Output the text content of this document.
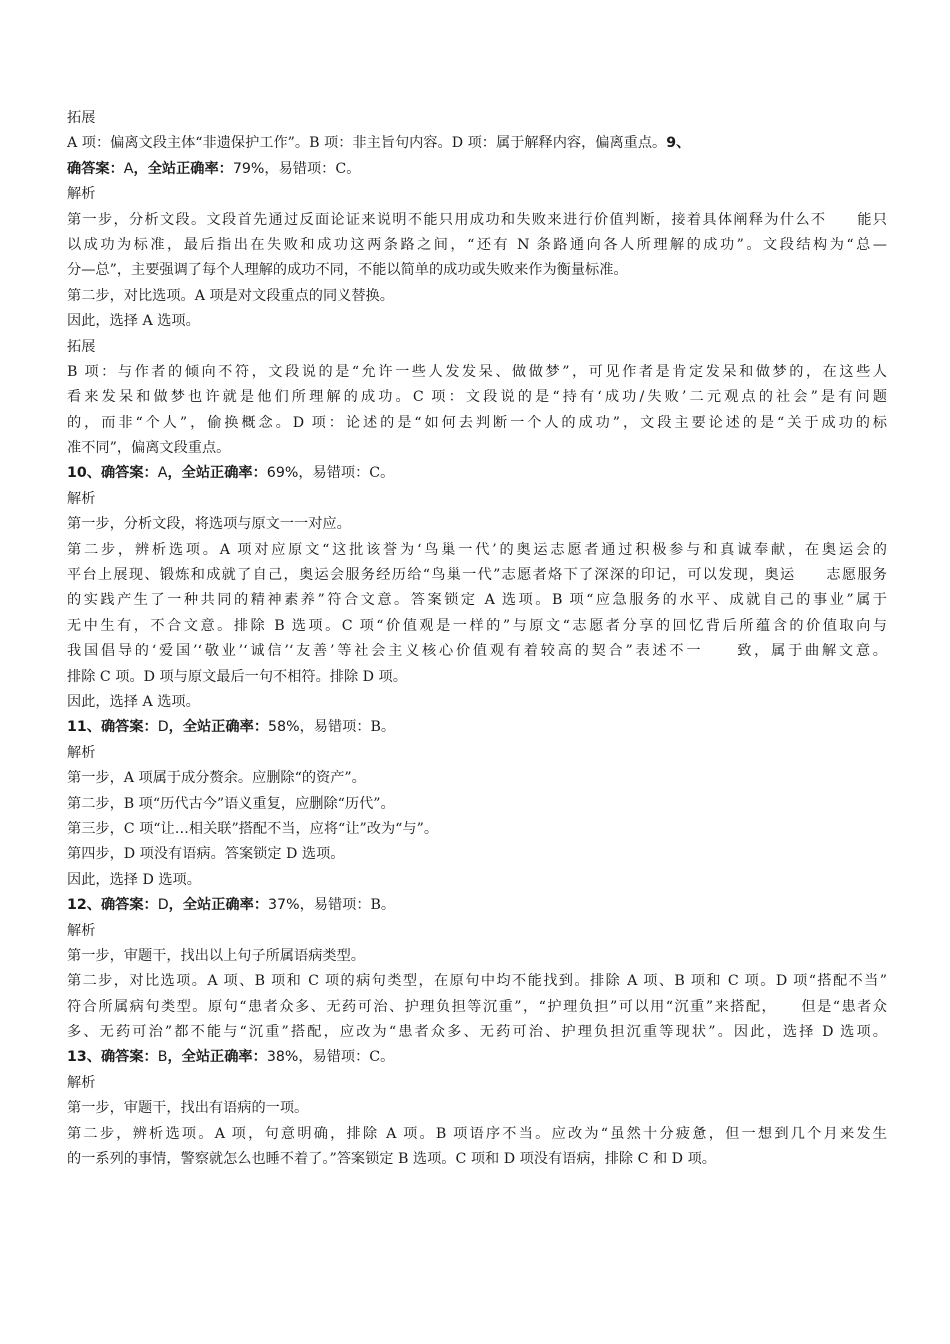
拓展
A 项：偏离文段主体“非遗保护工作”。B 项：非主旨句内容。D 项：属于解释内容，偏离重点。9、
确答案：A，全站正确率：79%，易错项：C。
解析
第一步，分析文段。文段首先通过反面论证来说明不能只用成功和失败来进行价值判断，接着具体阐释为什么不　　能只
以成功为标准，最后指出在失败和成功这两条路之间，“还有 N 条路通向各人所理解的成功”。文段结构为“总—
分—总”，主要强调了每个人理解的成功不同，不能以简单的成功或失败来作为衡量标准。
第二步，对比选项。A 项是对文段重点的同义替换。
因此，选择 A 选项。
拓展
B 项：与作者的倾向不符，文段说的是“允许一些人发发呆、做做梦”，可见作者是肯定发呆和做梦的，在这些人
看来发呆和做梦也许就是他们所理解的成功。C 项：文段说的是“持有‘成功/失败’二元观点的社会”是有问题
的，而非“个人”，偷换概念。D 项：论述的是“如何去判断一个人的成功”，文段主要论述的是“关于成功的标
准不同”，偏离文段重点。
10、确答案：A，全站正确率：69%，易错项：C。
解析
第一步，分析文段，将选项与原文一一对应。
第二步，辨析选项。A 项对应原文“这批该誉为‘鸟巢一代’的奥运志愿者通过积极参与和真诚奉献，在奥运会的
平台上展现、锻炼和成就了自己，奥运会服务经历给“鸟巢一代”志愿者烙下了深深的印记，可以发现，奥运　　志愿服务
的实践产生了一种共同的精神素养”符合文意。答案锁定 A 选项。B 项“应急服务的水平、成就自己的事业”属于
无中生有，不合文意。排除 B 选项。C 项“价值观是一样的”与原文“志愿者分享的回忆背后所蕴含的价值取向与
我国倡导的‘爱国’‘敬业’‘诚信’‘友善’等社会主义核心价值观有着较高的契合”表述不一　　致，属于曲解文意。
排除 C 项。D 项与原文最后一句不相符。排除 D 项。
因此，选择 A 选项。
11、确答案：D，全站正确率：58%，易错项：B。
解析
第一步，A 项属于成分赘余。应删除“的资产”。
第二步，B 项“历代古今”语义重复，应删除“历代”。
第三步，C 项“让…相关联”搭配不当，应将“让”改为“与”。
第四步，D 项没有语病。答案锁定 D 选项。
因此，选择 D 选项。
12、确答案：D，全站正确率：37%，易错项：B。
解析
第一步，审题干，找出以上句子所属语病类型。
第二步，对比选项。A 项、B 项和 C 项的病句类型，在原句中均不能找到。排除 A 项、B 项和 C 项。D 项“搭配不当”
符合所属病句类型。原句“患者众多、无药可治、护理负担等沉重”，“护理负担”可以用“沉重”来搭配，　　但是“患者众
多、无药可治”都不能与“沉重”搭配，应改为“患者众多、无药可治、护理负担沉重等现状”。因此，选择 D 选项。
13、确答案：B，全站正确率：38%，易错项：C。
解析
第一步，审题干，找出有语病的一项。
第二步，辨析选项。A 项，句意明确，排除 A 项。B 项语序不当。应改为“虽然十分疲惫，但一想到几个月来发生
的一系列的事情，警察就怎么也睡不着了。”答案锁定 B 选项。C 项和 D 项没有语病，排除 C 和 D 项。
